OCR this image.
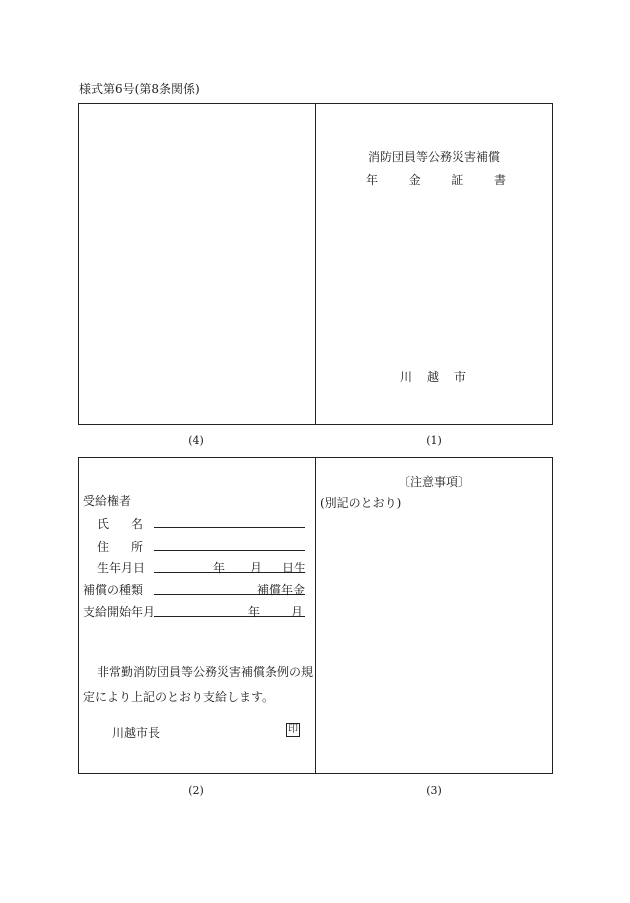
様式第6号(第8条関係)
消防団員等公務災害補償
年	金	証	書
川 越 市
(4)	(1)
受給権者
氏 名
住 所
生年月日	年 月 日生
補償の種類	補償年金
支給開始年月	年	月
非常勤消防団員等公務災害補償条例の規
定により上記のとおり支給します。
川越市長	印
〔注意事項〕
(別記のとおり)
(2)	(3)
